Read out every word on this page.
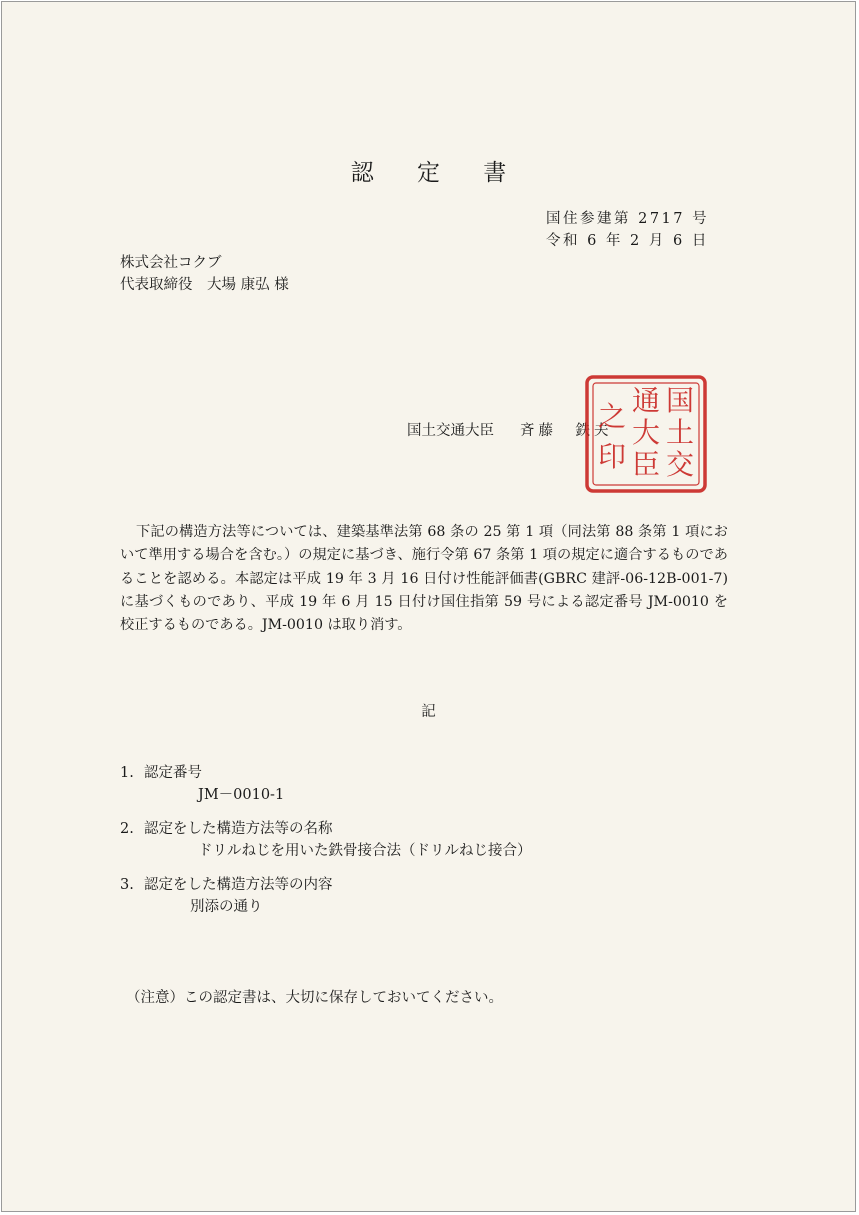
認 定 書
国住参建第 2717 号
令和 6 年 2 月 6 日
株式会社コクブ
代表取締役　大場 康弘 様
国土交通大臣 斉藤　鉄夫
国
土
交
通
大
臣
之
印
下記の構造方法等については、建築基準法第 68 条の 25 第 1 項（同法第 88 条第 1 項において準用する場合を含む。）の規定に基づき、施行令第 67 条第 1 項の規定に適合するものであることを認める。本認定は平成 19 年 3 月 16 日付け性能評価書(GBRC 建評-06-12B-001-7)に基づくものであり、平成 19 年 6 月 15 日付け国住指第 59 号による認定番号 JM-0010 を校正するものである。JM-0010 は取り消す。
記
1. 認定番号
JM－0010-1
2. 認定をした構造方法等の名称
ドリルねじを用いた鉄骨接合法（ドリルねじ接合）
3. 認定をした構造方法等の内容
別添の通り
（注意）この認定書は、大切に保存しておいてください。
